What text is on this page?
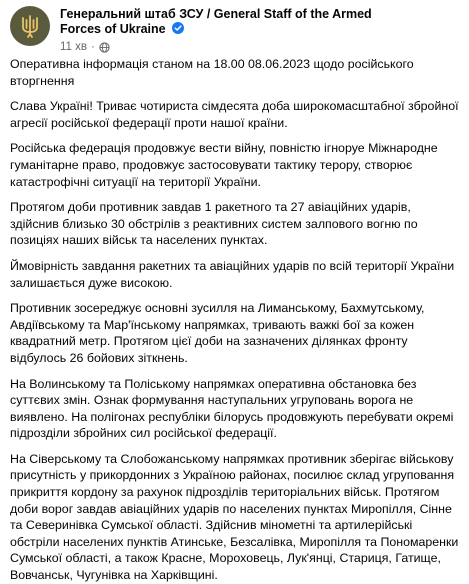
Генеральний штаб ЗСУ / General Staff of the Armed Forces of Ukraine
11 хв ·

Оперативна інформація станом на 18.00 08.06.2023 щодо російського вторгнення

Слава Україні! Триває чотириста сімдесята доба широкомасштабної збройної агресії російської федерації проти нашої країни.

Російська федерація продовжує вести війну, повністю ігноруе Міжнародне гуманітарне право, продовжує застосовувати тактику терору, створює катастрофічні ситуації на території України.

Протягом доби противник завдав 1 ракетного та 27 авіаційних ударів, здійснив близько 30 обстрілів з реактивних систем залпового вогню по позиціях наших військ та населених пунктах.

Ймовірність завдання ракетних та авіаційних ударів по всій території України залишається дуже високою.

Противник зосереджує основні зусилля на Лиманському, Бахмутському, Авдіївському та Мар'їнському напрямках, тривають важкі бої за кожен квадратний метр. Протягом цієї доби на зазначених ділянках фронту відбулось 26 бойових зіткнень.

На Волинському та Поліському напрямках оперативна обстановка без суттєвих змін. Ознак формування наступальних угруповань ворога не виявлено. На полігонах республіки білорусь продовжують перебувати окремі підрозділи збройних сил російської федерації.

На Сіверському та Слобожанському напрямках противник зберігає військову присутність у прикордонних з Україною районах, посилює склад угруповання прикриття кордону за рахунок підрозділів територіальних військ. Протягом доби ворог завдав авіаційних ударів по населених пунктах Миропілля, Сінне та Северинівка Сумської області. Здійснив мінометні та артилерійські обстріли населених пунктів Атинське, Безсалівка, Миропілля та Пономаренки Сумської області, а також Красне, Мороховець, Лук'янці, Стариця, Гатище, Вовчанськ, Чугунівка на Харківщині.
